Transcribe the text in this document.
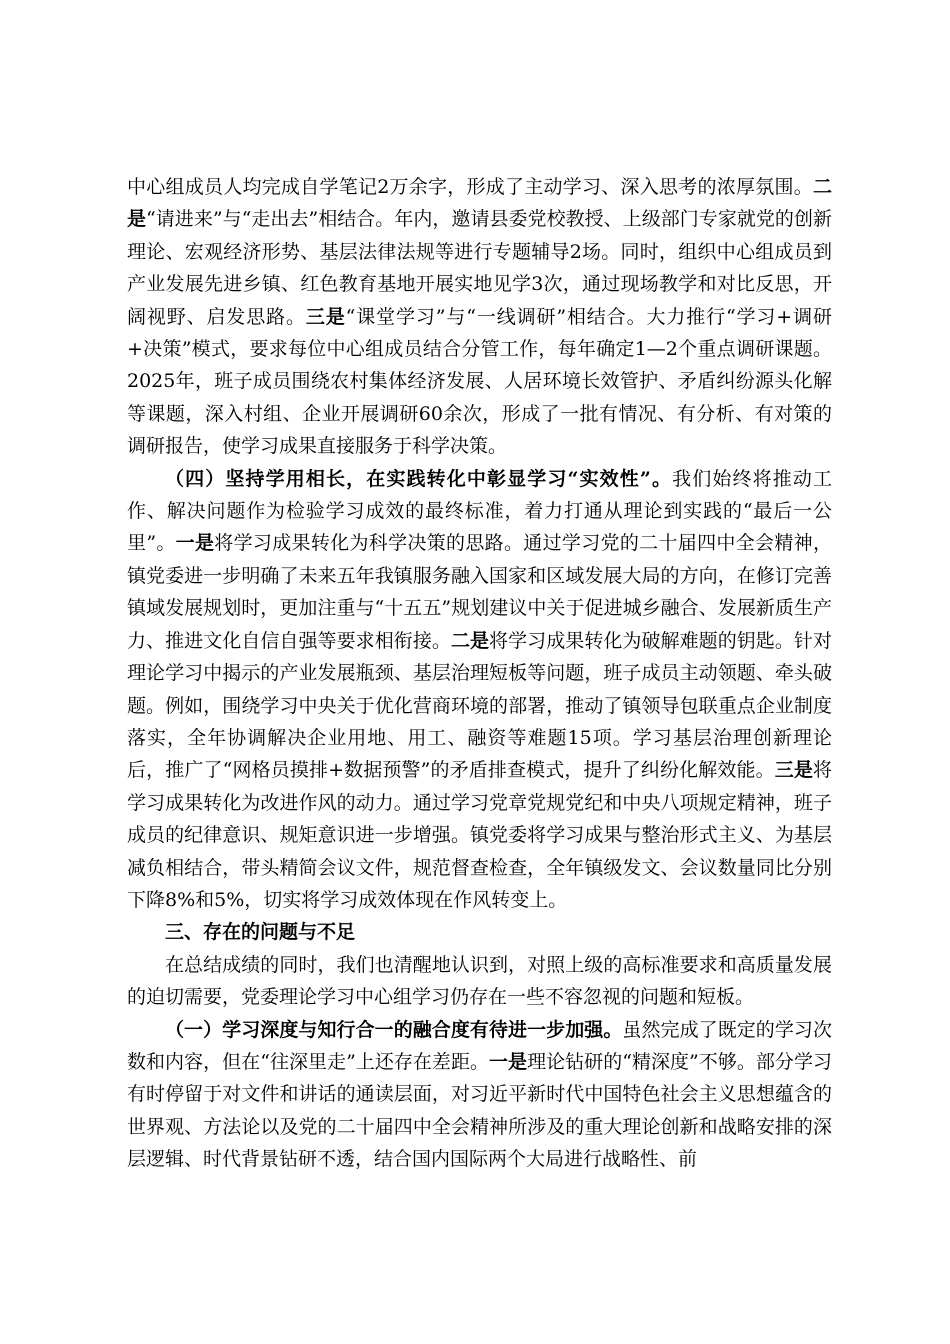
中心组成员人均完成自学笔记2万余字，形成了主动学习、深入思考的浓厚氛围。二是“请进来”与“走出去”相结合。年内，邀请县委党校教授、上级部门专家就党的创新理论、宏观经济形势、基层法律法规等进行专题辅导2场。同时，组织中心组成员到产业发展先进乡镇、红色教育基地开展实地见学3次，通过现场教学和对比反思，开阔视野、启发思路。三是“课堂学习”与“一线调研”相结合。大力推行“学习+调研+决策”模式，要求每位中心组成员结合分管工作，每年确定1—2个重点调研课题。2025年，班子成员围绕农村集体经济发展、人居环境长效管护、矛盾纠纷源头化解等课题，深入村组、企业开展调研60余次，形成了一批有情况、有分析、有对策的调研报告，使学习成果直接服务于科学决策。

（四）坚持学用相长，在实践转化中彰显学习“实效性”。我们始终将推动工作、解决问题作为检验学习成效的最终标准，着力打通从理论到实践的“最后一公里”。一是将学习成果转化为科学决策的思路。通过学习党的二十届四中全会精神，镇党委进一步明确了未来五年我镇服务融入国家和区域发展大局的方向，在修订完善镇域发展规划时，更加注重与“十五五”规划建议中关于促进城乡融合、发展新质生产力、推进文化自信自强等要求相衔接。二是将学习成果转化为破解难题的钥匙。针对理论学习中揭示的产业发展瓶颈、基层治理短板等问题，班子成员主动领题、牵头破题。例如，围绕学习中央关于优化营商环境的部署，推动了镇领导包联重点企业制度落实，全年协调解决企业用地、用工、融资等难题15项。学习基层治理创新理论后，推广了“网格员摸排+数据预警”的矛盾排查模式，提升了纠纷化解效能。三是将学习成果转化为改进作风的动力。通过学习党章党规党纪和中央八项规定精神，班子成员的纪律意识、规矩意识进一步增强。镇党委将学习成果与整治形式主义、为基层减负相结合，带头精简会议文件，规范督查检查，全年镇级发文、会议数量同比分别下降8%和5%，切实将学习成效体现在作风转变上。

三、存在的问题与不足

在总结成绩的同时，我们也清醒地认识到，对照上级的高标准要求和高质量发展的迫切需要，党委理论学习中心组学习仍存在一些不容忽视的问题和短板。

（一）学习深度与知行合一的融合度有待进一步加强。虽然完成了既定的学习次数和内容，但在“往深里走”上还存在差距。一是理论钻研的“精深度”不够。部分学习有时停留于对文件和讲话的通读层面，对习近平新时代中国特色社会主义思想蕴含的世界观、方法论以及党的二十届四中全会精神所涉及的重大理论创新和战略安排的深层逻辑、时代背景钻研不透，结合国内国际两个大局进行战略性、前
